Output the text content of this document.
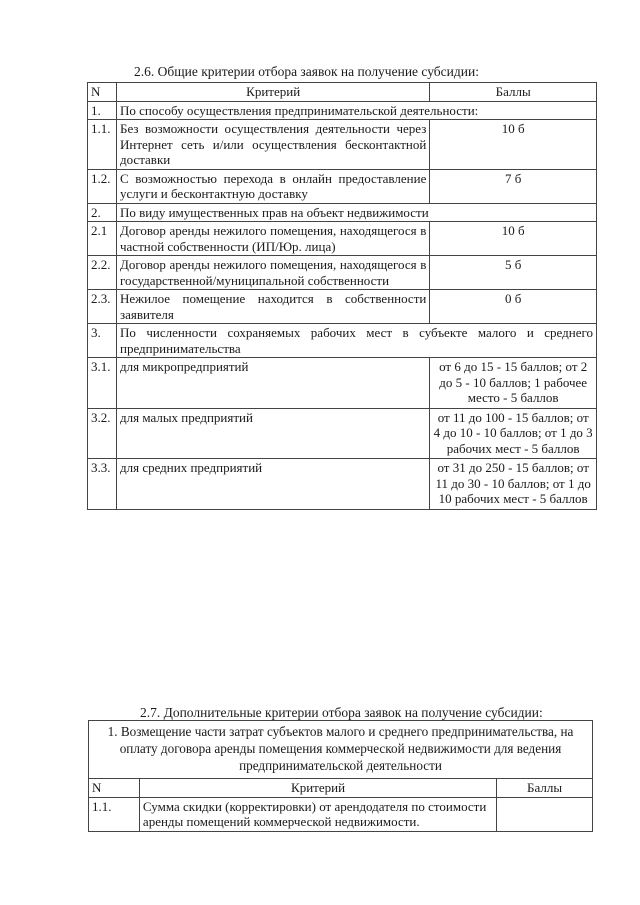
2.6. Общие критерии отбора заявок на получение субсидии:
N	Критерий	Баллы
1.	По способу осуществления предпринимательской деятельности:	
1.1.	Без возможности осуществления деятельности через Интернет сеть и/или осуществления бесконтактной доставки	10 б
1.2.	С возможностью перехода в онлайн предоставление услуги и бесконтактную доставку	7 б
2.	По виду имущественных прав на объект недвижимости	
2.1	Договор аренды нежилого помещения, находящегося в частной собственности (ИП/Юр. лица)	10 б
2.2.	Договор аренды нежилого помещения, находящегося в государственной/муниципальной собственности	5 б
2.3.	Нежилое помещение находится в собственности заявителя	0 б
3.	По численности сохраняемых рабочих мест в субъекте малого и среднего предпринимательства	
3.1.	для микропредприятий	от 6 до 15 - 15 баллов; от 2 до 5 - 10 баллов; 1 рабочее место - 5 баллов
3.2.	для малых предприятий	от 11 до 100 - 15 баллов; от 4 до 10 - 10 баллов; от 1 до 3 рабочих мест - 5 баллов
3.3.	для средних предприятий	от 31 до 250 - 15 баллов; от 11 до 30 - 10 баллов; от 1 до 10 рабочих мест - 5 баллов
2.7. Дополнительные критерии отбора заявок на получение субсидии:
1. Возмещение части затрат субъектов малого и среднего предпринимательства, на оплату договора аренды помещения коммерческой недвижимости для ведения предпринимательской деятельности		
N	Критерий	Баллы
1.1.	Сумма скидки (корректировки) от арендодателя по стоимости аренды помещений коммерческой недвижимости.	
